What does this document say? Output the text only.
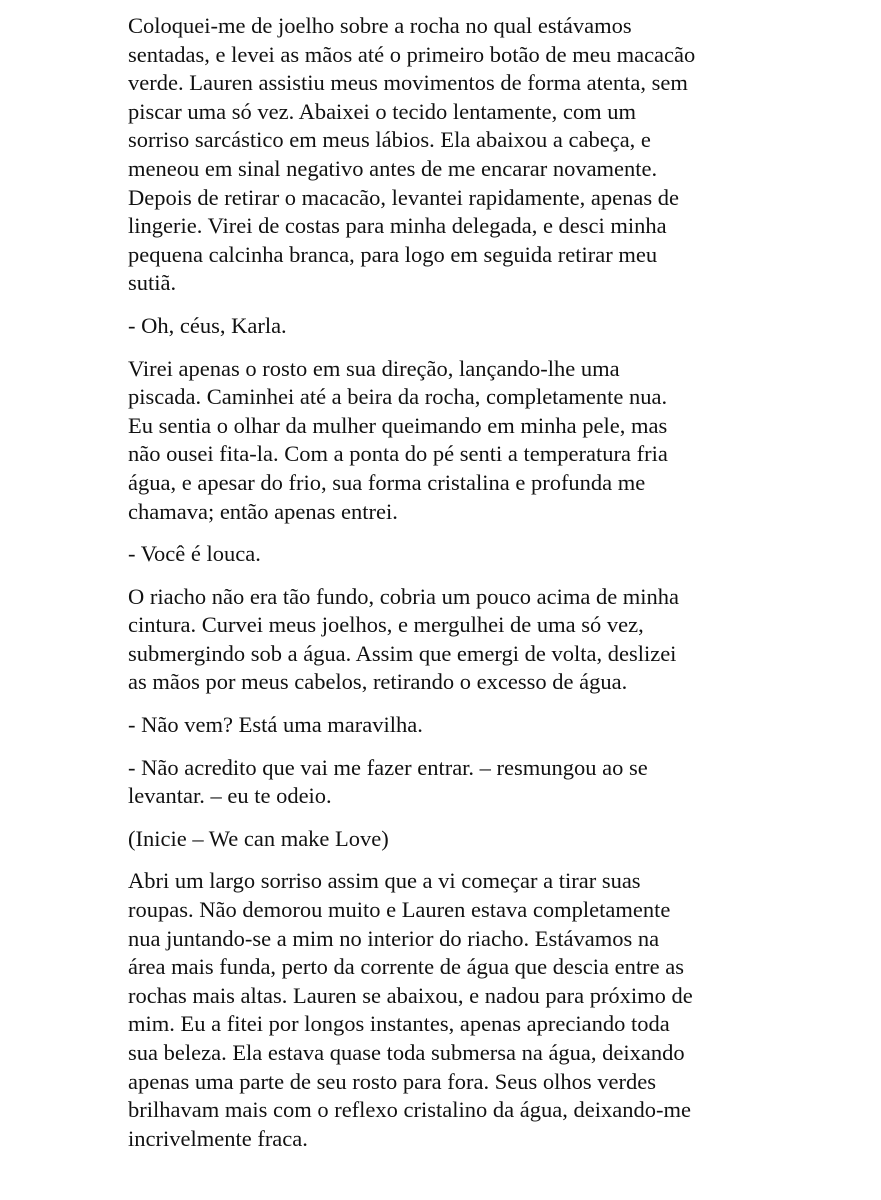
Coloquei-me de joelho sobre a rocha no qual estávamos
sentadas, e levei as mãos até o primeiro botão de meu macacão
verde. Lauren assistiu meus movimentos de forma atenta, sem
piscar uma só vez. Abaixei o tecido lentamente, com um
sorriso sarcástico em meus lábios. Ela abaixou a cabeça, e
meneou em sinal negativo antes de me encarar novamente.
Depois de retirar o macacão, levantei rapidamente, apenas de
lingerie. Virei de costas para minha delegada, e desci minha
pequena calcinha branca, para logo em seguida retirar meu
sutiã.

- Oh, céus, Karla.

Virei apenas o rosto em sua direção, lançando-lhe uma
piscada. Caminhei até a beira da rocha, completamente nua.
Eu sentia o olhar da mulher queimando em minha pele, mas
não ousei fita-la. Com a ponta do pé senti a temperatura fria
água, e apesar do frio, sua forma cristalina e profunda me
chamava; então apenas entrei.

- Você é louca.

O riacho não era tão fundo, cobria um pouco acima de minha
cintura. Curvei meus joelhos, e mergulhei de uma só vez,
submergindo sob a água. Assim que emergi de volta, deslizei
as mãos por meus cabelos, retirando o excesso de água.

- Não vem? Está uma maravilha.

- Não acredito que vai me fazer entrar. – resmungou ao se
levantar. – eu te odeio.

(Inicie – We can make Love)

Abri um largo sorriso assim que a vi começar a tirar suas
roupas. Não demorou muito e Lauren estava completamente
nua juntando-se a mim no interior do riacho. Estávamos na
área mais funda, perto da corrente de água que descia entre as
rochas mais altas. Lauren se abaixou, e nadou para próximo de
mim. Eu a fitei por longos instantes, apenas apreciando toda
sua beleza. Ela estava quase toda submersa na água, deixando
apenas uma parte de seu rosto para fora. Seus olhos verdes
brilhavam mais com o reflexo cristalino da água, deixando-me
incrivelmente fraca.
